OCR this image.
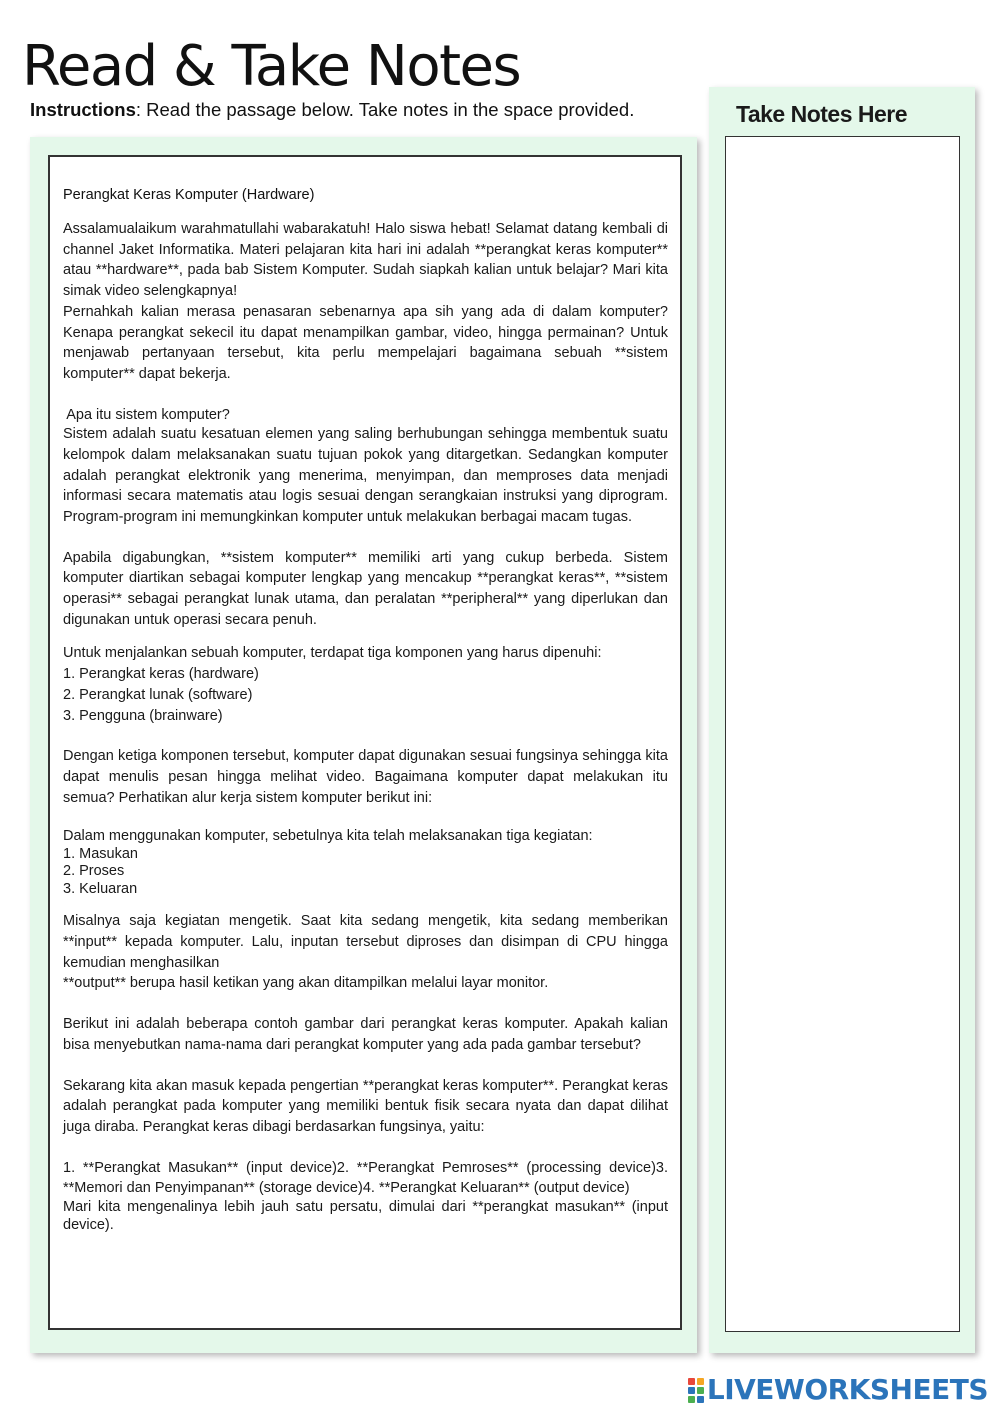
Read & Take Notes
Instructions: Read the passage below. Take notes in the space provided.

Perangkat Keras Komputer (Hardware)

Assalamualaikum warahmatullahi wabarakatuh! Halo siswa hebat! Selamat datang kembali di channel Jaket Informatika. Materi pelajaran kita hari ini adalah **perangkat keras komputer** atau **hardware**, pada bab Sistem Komputer. Sudah siapkah kalian untuk belajar? Mari kita simak video selengkapnya!

Pernahkah kalian merasa penasaran sebenarnya apa sih yang ada di dalam komputer? Kenapa perangkat sekecil itu dapat menampilkan gambar, video, hingga permainan? Untuk menjawab pertanyaan tersebut, kita perlu mempelajari bagaimana sebuah **sistem komputer** dapat bekerja.

Apa itu sistem komputer?

Sistem adalah suatu kesatuan elemen yang saling berhubungan sehingga membentuk suatu kelompok dalam melaksanakan suatu tujuan pokok yang ditargetkan. Sedangkan komputer adalah perangkat elektronik yang menerima, menyimpan, dan memproses data menjadi informasi secara matematis atau logis sesuai dengan serangkaian instruksi yang diprogram. Program-program ini memungkinkan komputer untuk melakukan berbagai macam tugas.

Apabila digabungkan, **sistem komputer** memiliki arti yang cukup berbeda. Sistem komputer diartikan sebagai komputer lengkap yang mencakup **perangkat keras**, **sistem operasi** sebagai perangkat lunak utama, dan peralatan **peripheral** yang diperlukan dan digunakan untuk operasi secara penuh.

Untuk menjalankan sebuah komputer, terdapat tiga komponen yang harus dipenuhi:

1. Perangkat keras (hardware)

2. Perangkat lunak (software)

3. Pengguna (brainware)

Dengan ketiga komponen tersebut, komputer dapat digunakan sesuai fungsinya sehingga kita dapat menulis pesan hingga melihat video. Bagaimana komputer dapat melakukan itu semua? Perhatikan alur kerja sistem komputer berikut ini:

Dalam menggunakan komputer, sebetulnya kita telah melaksanakan tiga kegiatan:

1. Masukan

2. Proses

3. Keluaran

Misalnya saja kegiatan mengetik. Saat kita sedang mengetik, kita sedang memberikan **input** kepada komputer. Lalu, inputan tersebut diproses dan disimpan di CPU hingga kemudian menghasilkan

**output** berupa hasil ketikan yang akan ditampilkan melalui layar monitor.

Berikut ini adalah beberapa contoh gambar dari perangkat keras komputer. Apakah kalian bisa menyebutkan nama-nama dari perangkat komputer yang ada pada gambar tersebut?

Sekarang kita akan masuk kepada pengertian **perangkat keras komputer**. Perangkat keras adalah perangkat pada komputer yang memiliki bentuk fisik secara nyata dan dapat dilihat juga diraba. Perangkat keras dibagi berdasarkan fungsinya, yaitu:

1. **Perangkat Masukan** (input device)2. **Perangkat Pemroses** (processing device)3. **Memori dan Penyimpanan** (storage device)4. **Perangkat Keluaran** (output device)

Mari kita mengenalinya lebih jauh satu persatu, dimulai dari **perangkat masukan** (input device).

Take Notes Here
LIVEWORKSHEETS
